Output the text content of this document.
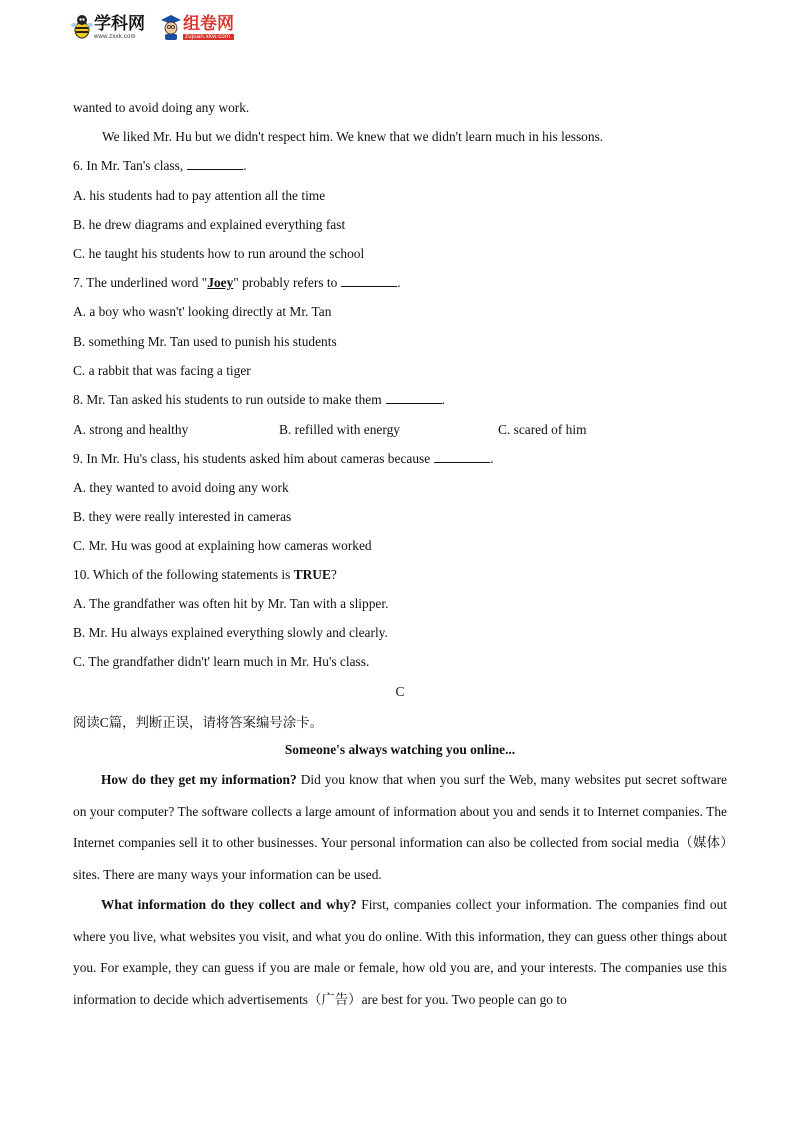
学科网
www.zxxk.com
组卷网
zujuan.xkw.com
wanted to avoid doing any work.
We liked Mr. Hu but we didn't respect him. We knew that we didn't learn much in his lessons.
6. In Mr. Tan's class,	.
A. his students had to pay attention all the time
B. he drew diagrams and explained everything fast
C. he taught his students how to run around the school
7. The underlined word "Joey" probably refers to	.
A. a boy who wasn't' looking directly at Mr. Tan
B. something Mr. Tan used to punish his students
C. a rabbit that was facing a tiger
8. Mr. Tan asked his students to run outside to make them	.
A. strong and healthy	B. refilled with energy	C. scared of him
9. In Mr. Hu's class, his students asked him about cameras because	.
A. they wanted to avoid doing any work
B. they were really interested in cameras
C. Mr. Hu was good at explaining how cameras worked
10. Which of the following statements is TRUE?
A. The grandfather was often hit by Mr. Tan with a slipper.
B. Mr. Hu always explained everything slowly and clearly.
C. The grandfather didn't' learn much in Mr. Hu's class.
C
阅读C篇，判断正误，请将答案编号涂卡。
Someone's always watching you online...
How do they get my information? Did you know that when you surf the Web, many websites put secret software on your computer? The software collects a large amount of information about you and sends it to Internet companies. The Internet companies sell it to other businesses. Your personal information can also be collected from social media（媒体）sites. There are many ways your information can be used.
What information do they collect and why? First, companies collect your information. The companies find out where you live, what websites you visit, and what you do online. With this information, they can guess other things about you. For example, they can guess if you are male or female, how old you are, and your interests. The companies use this information to decide which advertisements（广告）are best for you. Two people can go to
